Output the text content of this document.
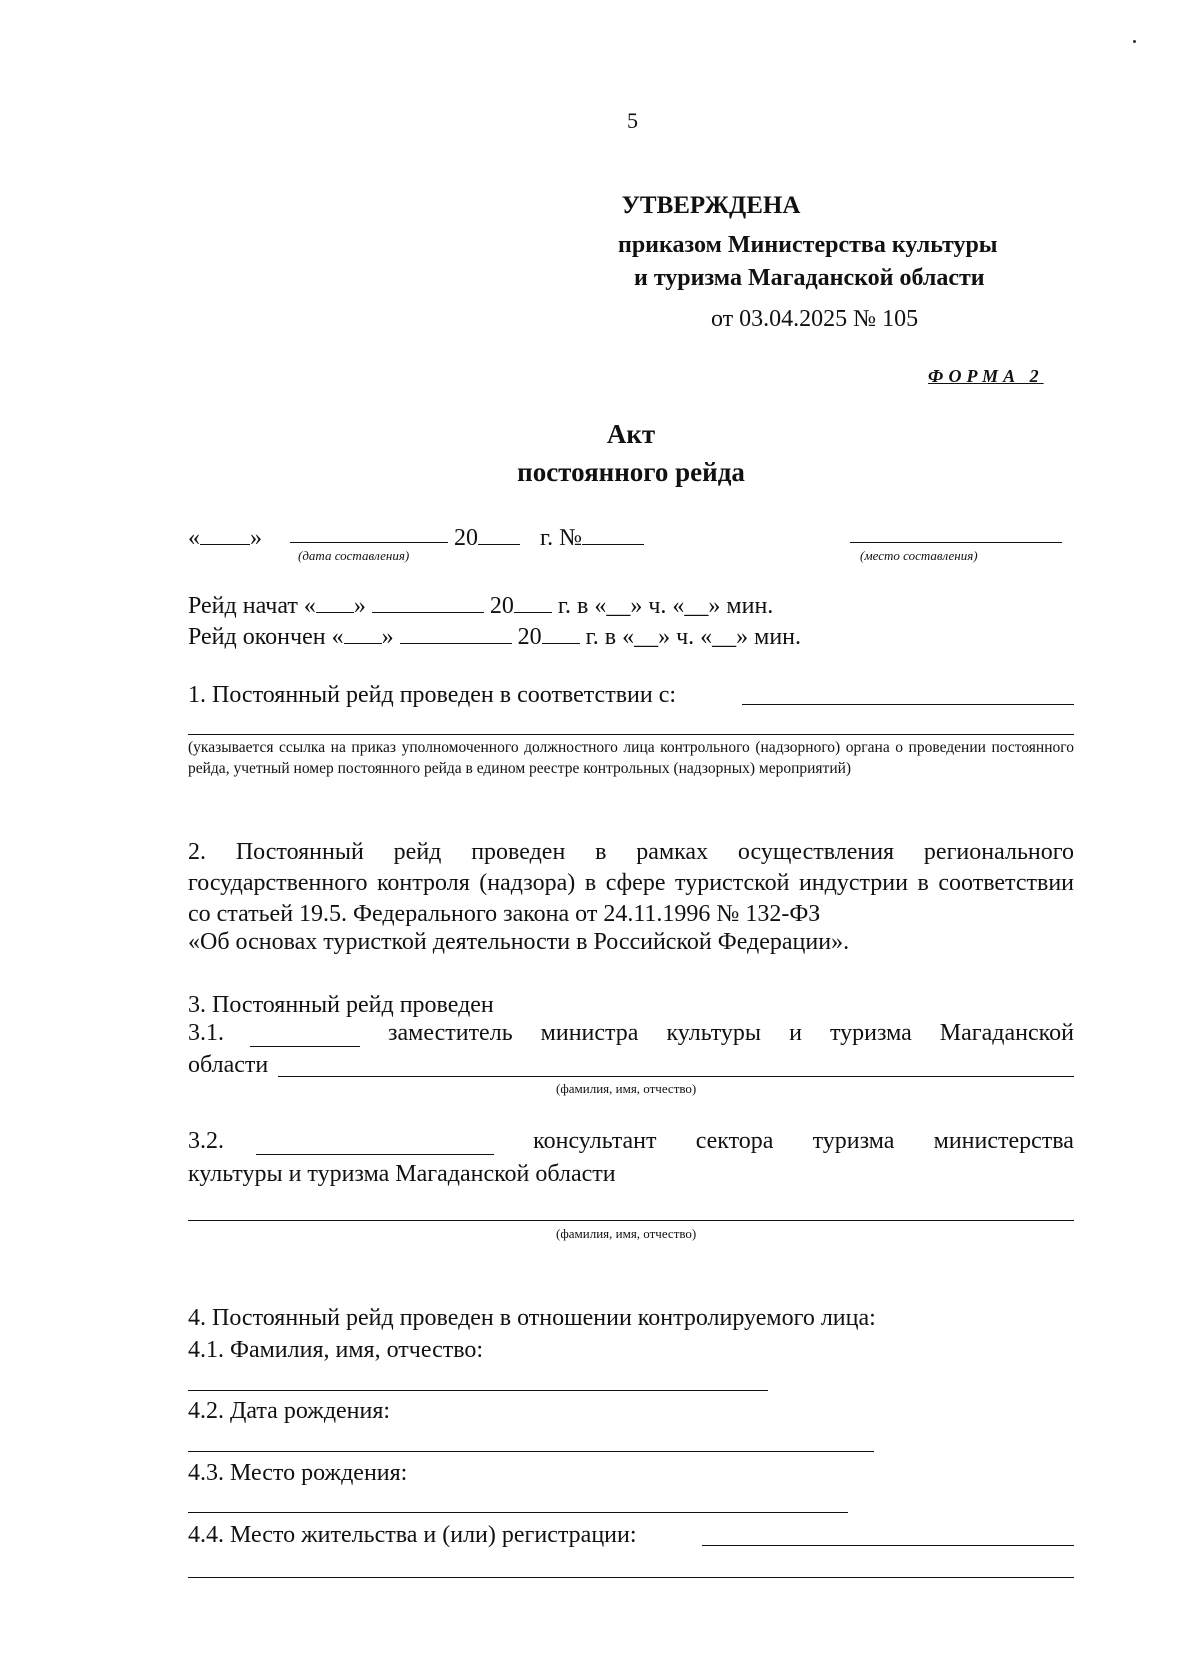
5
УТВЕРЖДЕНА
приказом Министерства культуры
и туризма Магаданской области
от 03.04.2025 № 105
ФОРМА 2
Акт
постоянного рейда
« »	20	г. №
(дата составления)	(место составления)
Рейд начат « »	20 г. в «__» ч. «__» мин.
Рейд окончен « »	20 г. в «__» ч. «__» мин.
1. Постоянный рейд проведен в соответствии с:
(указывается ссылка на приказ уполномоченного должностного лица контрольного (надзорного) органа о проведении постоянного рейда, учетный номер постоянного рейда в едином реестре контрольных (надзорных) мероприятий)
2. Постоянный рейд проведен в рамках осуществления регионального государственного контроля (надзора) в сфере туристской индустрии в соответствии со статьей 19.5. Федерального закона от 24.11.1996 № 132-ФЗ
«Об основах туристкой деятельности в Российской Федерации».
3. Постоянный рейд проведен
3.1.	заместитель министра культуры и туризма Магаданской
области
(фамилия, имя, отчество)
3.2.	консультант сектора туризма министерства
культуры и туризма Магаданской области
(фамилия, имя, отчество)
4. Постоянный рейд проведен в отношении контролируемого лица:
4.1. Фамилия, имя, отчество:
4.2. Дата рождения:
4.3. Место рождения:
4.4. Место жительства и (или) регистрации:
